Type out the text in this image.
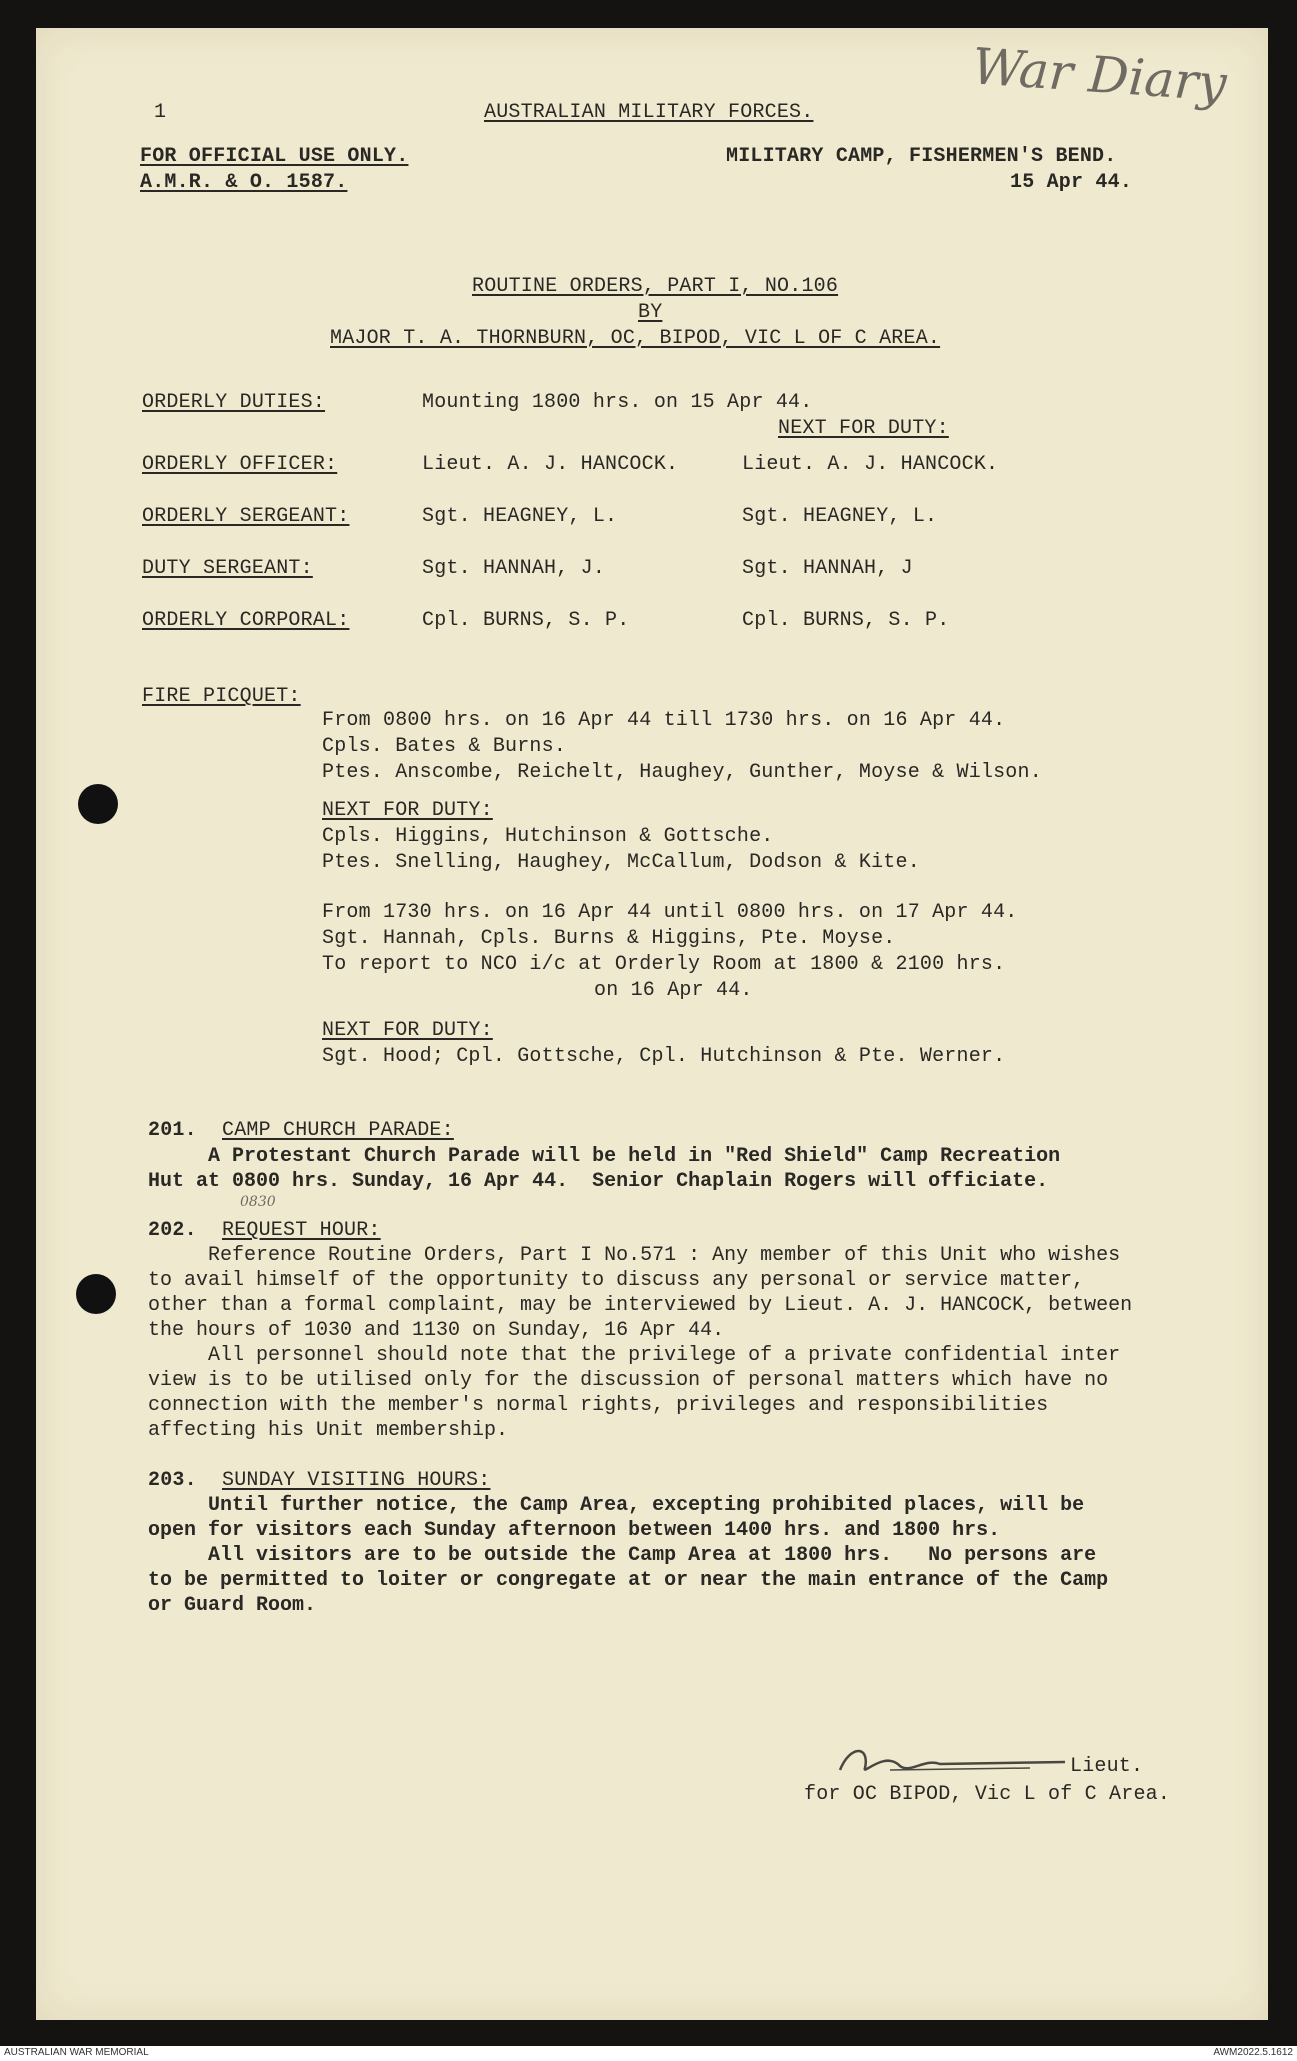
War Diary
1	AUSTRALIAN MILITARY FORCES.
FOR OFFICIAL USE ONLY.
A.M.R. & O. 1587.
MILITARY CAMP, FISHERMEN'S BEND.
15 Apr 44.
ROUTINE ORDERS, PART I, NO.106
BY
MAJOR T. A. THORNBURN, OC, BIPOD, VIC L OF C AREA.
ORDERLY DUTIES:	Mounting 1800 hrs. on 15 Apr 44.
NEXT FOR DUTY:
ORDERLY OFFICER:	Lieut. A. J. HANCOCK.	Lieut. A. J. HANCOCK.
ORDERLY SERGEANT:	Sgt. HEAGNEY, L.	Sgt. HEAGNEY, L.
DUTY SERGEANT:	Sgt. HANNAH, J.	Sgt. HANNAH, J
ORDERLY CORPORAL:	Cpl. BURNS, S. P.	Cpl. BURNS, S. P.
FIRE PICQUET:
From 0800 hrs. on 16 Apr 44 till 1730 hrs. on 16 Apr 44.
Cpls. Bates & Burns.
Ptes. Anscombe, Reichelt, Haughey, Gunther, Moyse & Wilson.
NEXT FOR DUTY:
Cpls. Higgins, Hutchinson & Gottsche.
Ptes. Snelling, Haughey, McCallum, Dodson & Kite.
From 1730 hrs. on 16 Apr 44 until 0800 hrs. on 17 Apr 44.
Sgt. Hannah, Cpls. Burns & Higgins, Pte. Moyse.
To report to NCO i/c at Orderly Room at 1800 & 2100 hrs.
on 16 Apr 44.
NEXT FOR DUTY:
Sgt. Hood; Cpl. Gottsche, Cpl. Hutchinson & Pte. Werner.
201. CAMP CHURCH PARADE:
A Protestant Church Parade will be held in "Red Shield" Camp Recreation
Hut at 0800 hrs. Sunday, 16 Apr 44.  Senior Chaplain Rogers will officiate.
0830
202. REQUEST HOUR:
Reference Routine Orders, Part I No.571 : Any member of this Unit who wishes
to avail himself of the opportunity to discuss any personal or service matter,
other than a formal complaint, may be interviewed by Lieut. A. J. HANCOCK, between
the hours of 1030 and 1130 on Sunday, 16 Apr 44.
All personnel should note that the privilege of a private confidential inter
view is to be utilised only for the discussion of personal matters which have no
connection with the member's normal rights, privileges and responsibilities
affecting his Unit membership.
203. SUNDAY VISITING HOURS:
Until further notice, the Camp Area, excepting prohibited places, will be
open for visitors each Sunday afternoon between 1400 hrs. and 1800 hrs.
All visitors are to be outside the Camp Area at 1800 hrs.   No persons are
to be permitted to loiter or congregate at or near the main entrance of the Camp
or Guard Room.
Lieut.
for OC BIPOD, Vic L of C Area.
AUSTRALIAN WAR MEMORIAL	AWM2022.5.1612
